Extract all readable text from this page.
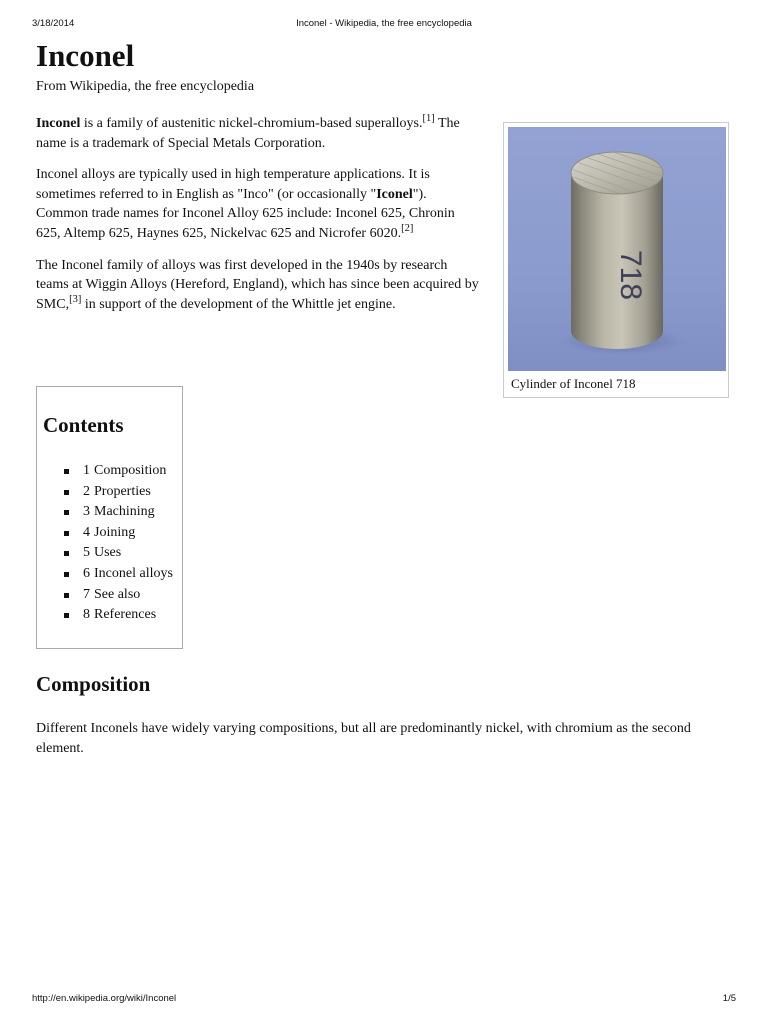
3/18/2014	Inconel - Wikipedia, the free encyclopedia
Inconel
From Wikipedia, the free encyclopedia

Inconel is a family of austenitic nickel-chromium-based superalloys.[1] The name is a trademark of Special Metals Corporation.

Inconel alloys are typically used in high temperature applications. It is sometimes referred to in English as "Inco" (or occasionally "Iconel"). Common trade names for Inconel Alloy 625 include: Inconel 625, Chronin 625, Altemp 625, Haynes 625, Nickelvac 625 and Nicrofer 6020.[2]

The Inconel family of alloys was first developed in the 1940s by research teams at Wiggin Alloys (Hereford, England), which has since been acquired by SMC,[3] in support of the development of the Whittle jet engine.

718
Cylinder of Inconel 718
Contents
1 Composition
2 Properties
3 Machining
4 Joining
5 Uses
6 Inconel alloys
7 See also
8 References
Composition

Different Inconels have widely varying compositions, but all are predominantly nickel, with chromium as the second element.

http://en.wikipedia.org/wiki/Inconel	1/5
